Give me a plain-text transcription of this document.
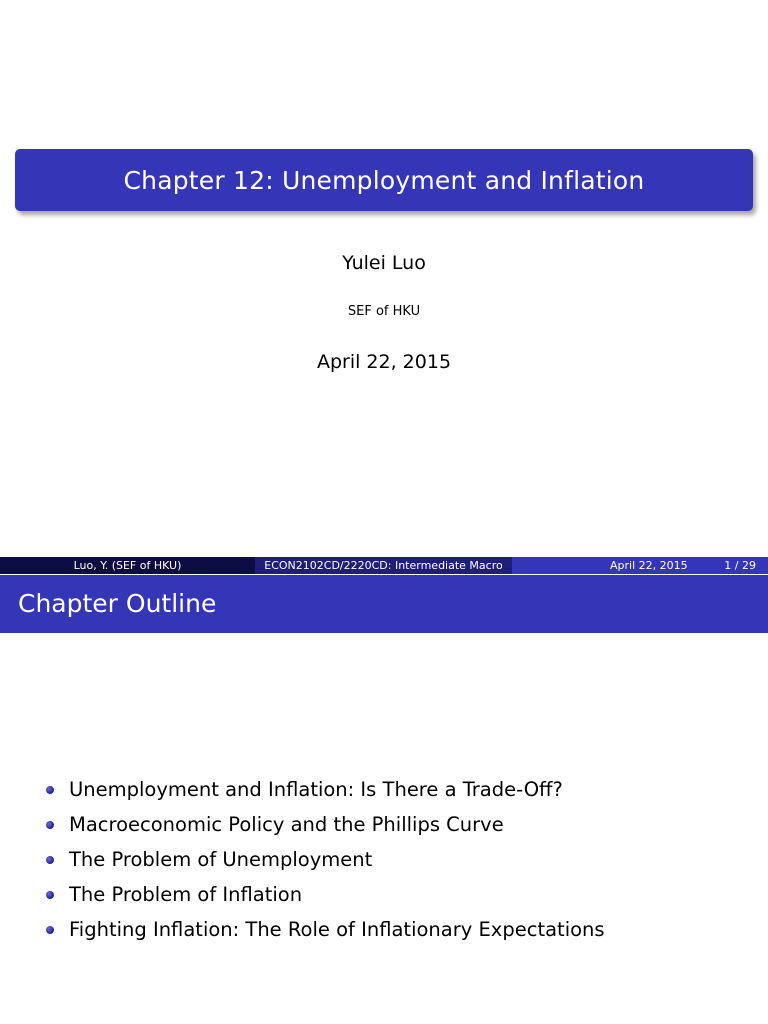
Chapter 12: Unemployment and Inflation
Yulei Luo
SEF of HKU
April 22, 2015
Luo, Y. (SEF of HKU)	ECON2102CD/2220CD: Intermediate Macro	April 22, 2015	1 / 29
Chapter Outline
Unemployment and Inflation: Is There a Trade-Off?
Macroeconomic Policy and the Phillips Curve
The Problem of Unemployment
The Problem of Inflation
Fighting Inflation: The Role of Inflationary Expectations
